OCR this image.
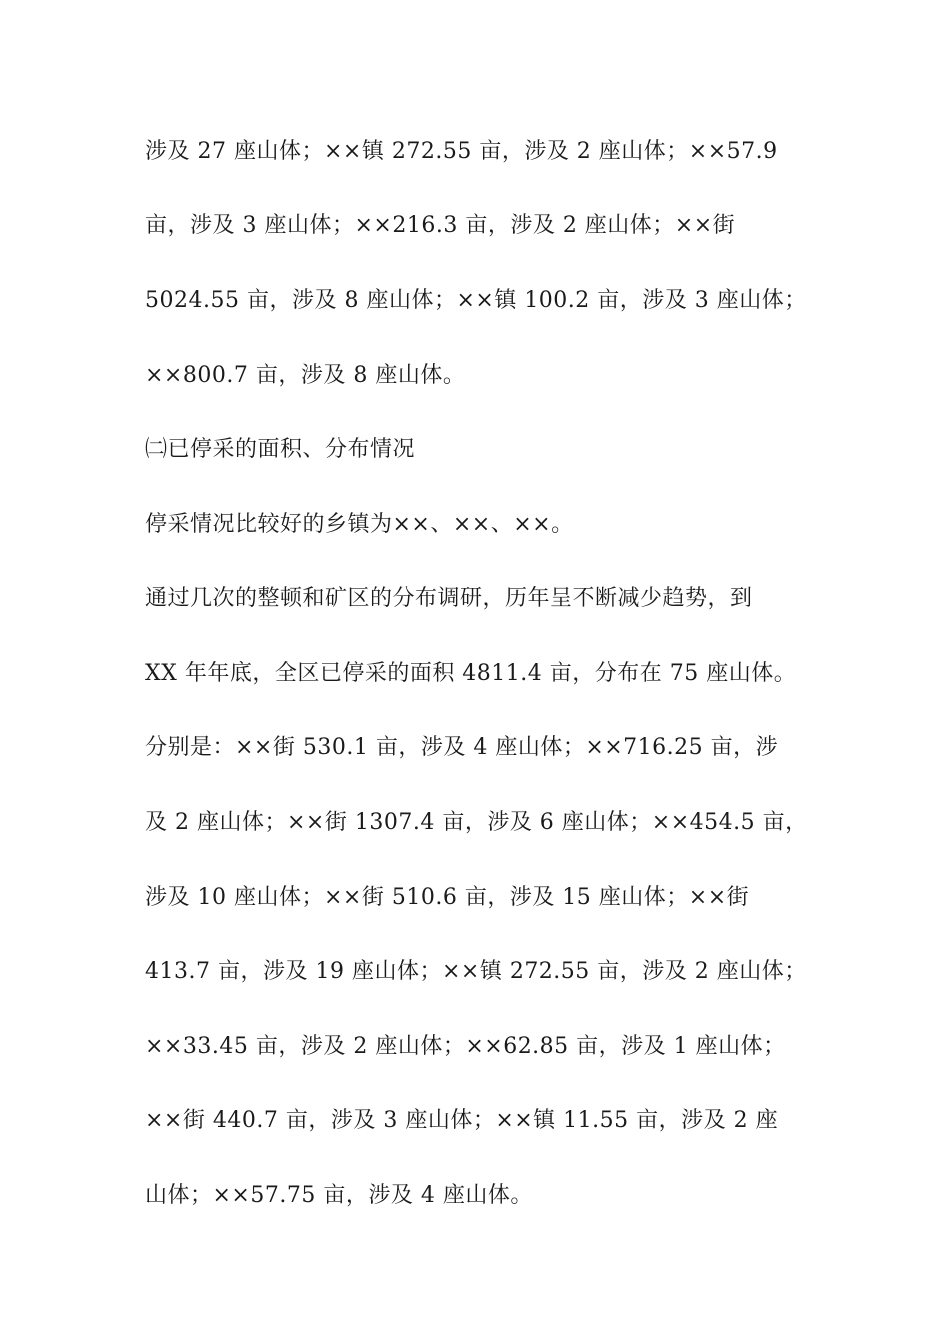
涉及 27 座山体；××镇 272.55 亩，涉及 2 座山体；××57.9
亩，涉及 3 座山体；××216.3 亩，涉及 2 座山体；××街
5024.55 亩，涉及 8 座山体；××镇 100.2 亩，涉及 3 座山体；
××800.7 亩，涉及 8 座山体。
㈡已停采的面积、分布情况
停采情况比较好的乡镇为××、××、××。
通过几次的整顿和矿区的分布调研，历年呈不断减少趋势，到
XX 年年底，全区已停采的面积 4811.4 亩，分布在 75 座山体。
分别是：××街 530.1 亩，涉及 4 座山体；××716.25 亩，涉
及 2 座山体；××街 1307.4 亩，涉及 6 座山体；××454.5 亩，
涉及 10 座山体；××街 510.6 亩，涉及 15 座山体；××街
413.7 亩，涉及 19 座山体；××镇 272.55 亩，涉及 2 座山体；
××33.45 亩，涉及 2 座山体；××62.85 亩，涉及 1 座山体；
××街 440.7 亩，涉及 3 座山体；××镇 11.55 亩，涉及 2 座
山体；××57.75 亩，涉及 4 座山体。
